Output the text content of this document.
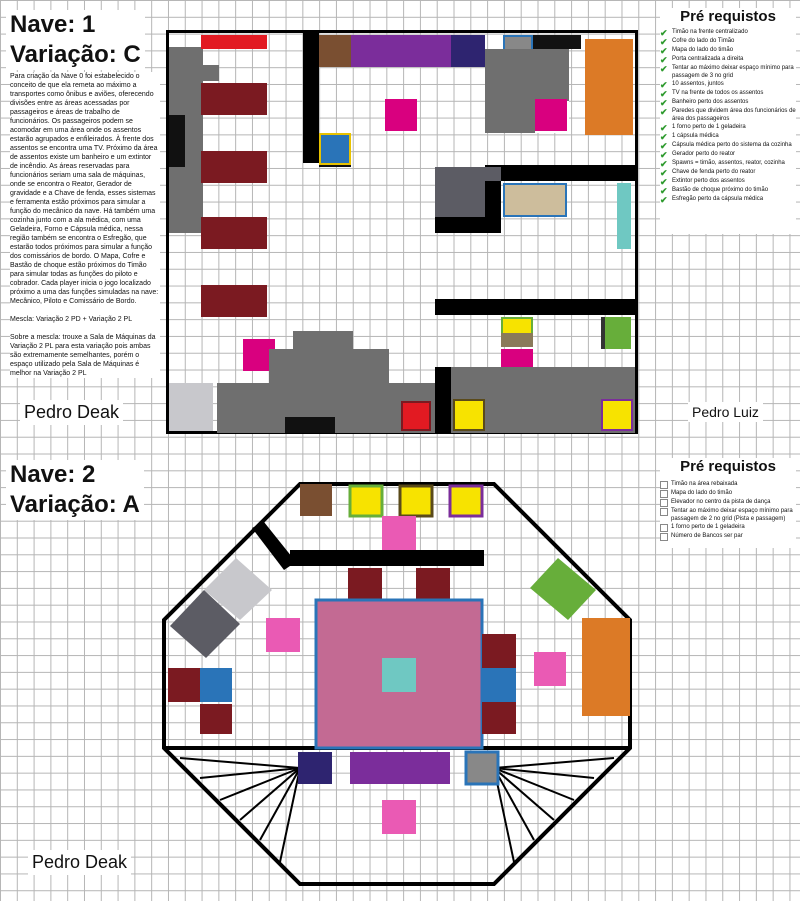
Nave: 1
Variação: C
Para criação da Nave 0 foi estabelecido o conceito de que ela remeta ao máximo a transportes como ônibus e aviões, oferecendo divisões entre as áreas acessadas por passageiros e áreas de trabalho de funcionários. Os passageiros podem se acomodar em uma área onde os assentos estarão agrupados e enfileirados. À frente dos assentos se encontra uma TV. Próximo da área de assentos existe um banheiro e um extintor de incêndio. As áreas reservadas para funcionários seriam uma sala de máquinas, onde se encontra o Reator, Gerador de gravidade e a Chave de fenda, esses sistemas e ferramenta estão próximos para simular a função do mecânico da nave. Há também uma cozinha junto com a ala médica, com uma Geladeira, Forno e Cápsula médica, nessa região também se encontra o Esfregão, que estarão todos próximos para simular a função dos comissários de bordo. O Mapa, Cofre e Bastão de choque estão próximos do Timão para simular todas as funções do piloto e cobrador. Cada player inicia o jogo localizado próximo a uma das funções simuladas na nave: Mecânico, Piloto e Comissário de Bordo.
Mescla: Variação 2 PD + Variação 2 PL
Sobre a mescla: trouxe a Sala de Máquinas da Variação 2 PL para esta variação pois ambas são extremamente semelhantes, porém o espaço utilizado pela Sala de Máquinas é melhor na Variação 2 PL
Pedro Deak	Pedro Luiz
Pré requistos
✔ Timão na frente centralizado
✔ Cofre do lado do Timão
✔ Mapa do lado do timão
✔ Porta centralizada a direita
✔ Tentar ao máximo deixar espaço mínimo para passagem de 3 no grid
✔ 10 assentos, juntos
✔ TV na frente de todos os assentos
✔ Banheiro perto dos assentos
✔ Paredes que dividem área dos funcionários de área dos passageiros
✔ 1 forno perto de 1 geladeira
✔ 1 cápsula médica
✔ Cápsula médica perto do sistema da cozinha
✔ Gerador perto do reator
✔ Spawns = timão, assentos, reator, cozinha
✔ Chave de fenda perto do reator
✔ Extintor perto dos assentos
✔ Bastão de choque próximo do timão
✔ Esfregão perto da cápsula médica
Nave: 2
Variação: A
Pedro Deak
Pré requistos
Timão na área rebaixada
Mapa do lado do timão
Elevador no centro da pista de dança
Tentar ao máximo deixar espaço mínimo para passagem de 2 no grid (Pista e passagem)
1 forno perto de 1 geladeira
Número de Bancos ser par
